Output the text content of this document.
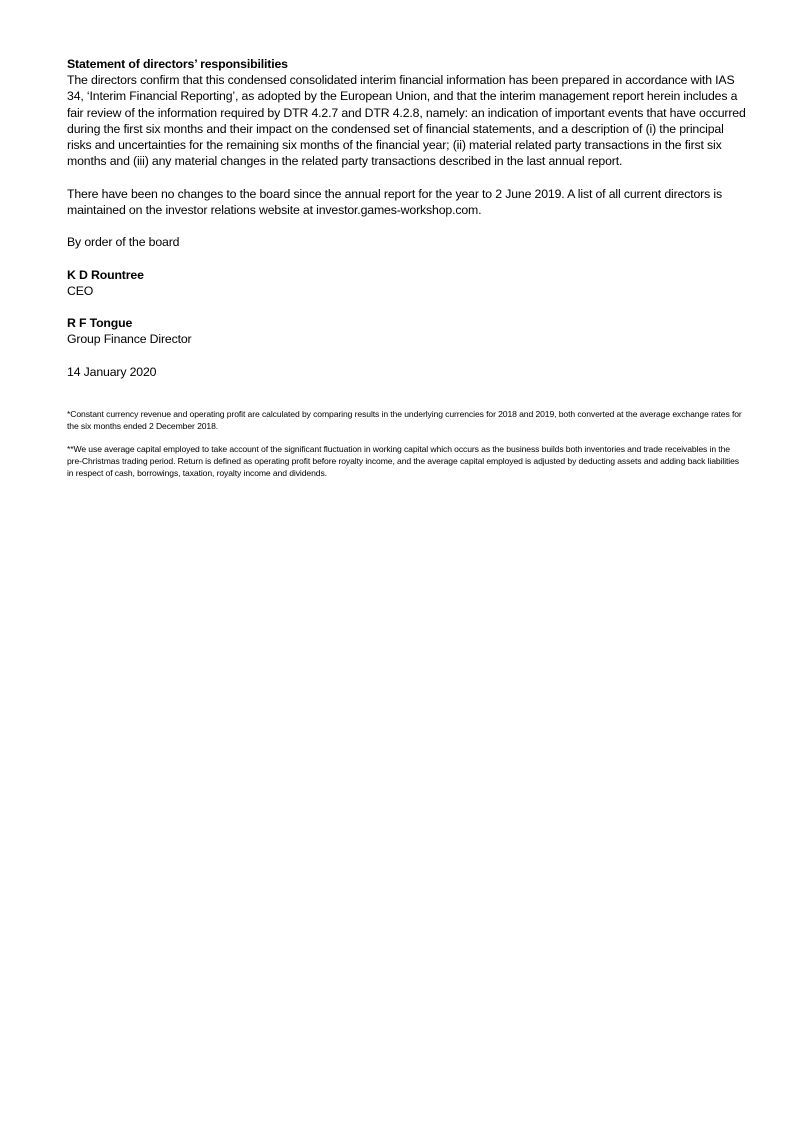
Statement of directors’ responsibilities

The directors confirm that this condensed consolidated interim financial information has been prepared in accordance with IAS 34, ‘Interim Financial Reporting’, as adopted by the European Union, and that the interim management report herein includes a fair review of the information required by DTR 4.2.7 and DTR 4.2.8, namely: an indication of important events that have occurred during the first six months and their impact on the condensed set of financial statements, and a description of (i) the principal risks and uncertainties for the remaining six months of the financial year; (ii) material related party transactions in the first six months and (iii) any material changes in the related party transactions described in the last annual report.

There have been no changes to the board since the annual report for the year to 2 June 2019. A list of all current directors is maintained on the investor relations website at investor.games-workshop.com.

By order of the board

K D Rountree

CEO

R F Tongue

Group Finance Director

14 January 2020

*Constant currency revenue and operating profit are calculated by comparing results in the underlying currencies for 2018 and 2019, both converted at the average exchange rates for the six months ended 2 December 2018.

**We use average capital employed to take account of the significant fluctuation in working capital which occurs as the business builds both inventories and trade receivables in the pre-Christmas trading period. Return is defined as operating profit before royalty income, and the average capital employed is adjusted by deducting assets and adding back liabilities in respect of cash, borrowings, taxation, royalty income and dividends.
